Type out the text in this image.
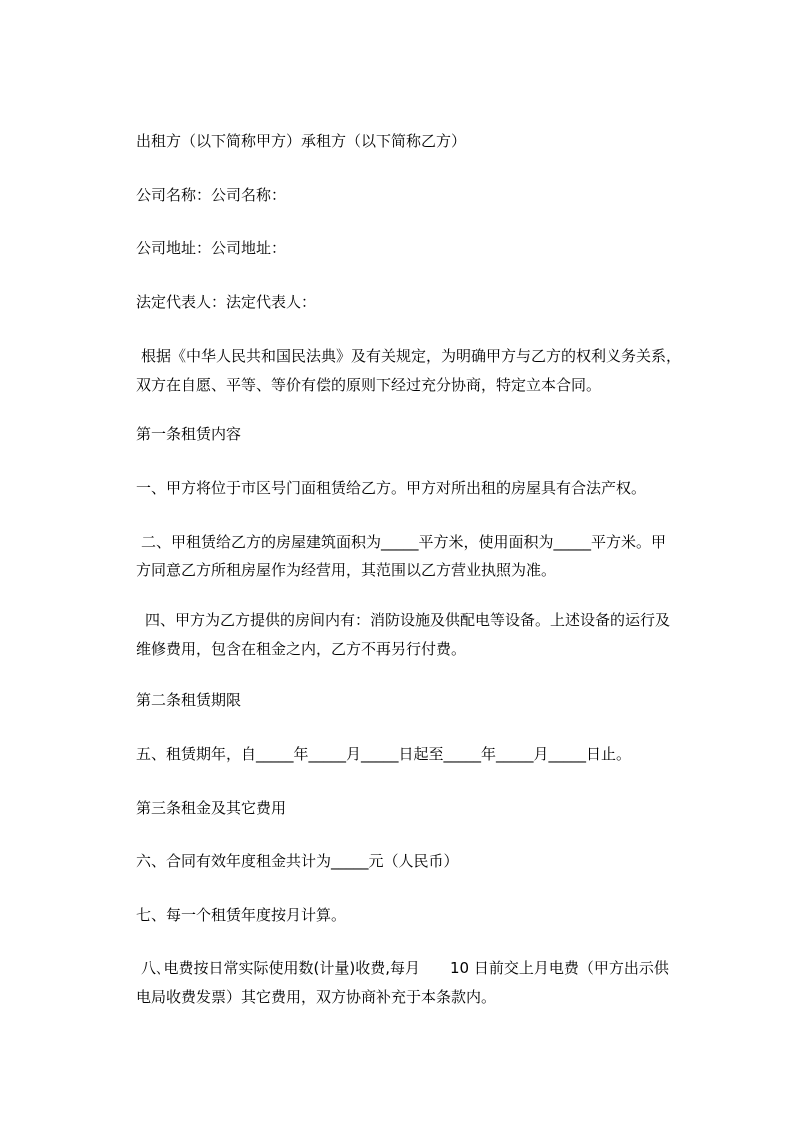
出租方（以下简称甲方）承租方（以下简称乙方）

公司名称：公司名称：

公司地址：公司地址：

法定代表人：法定代表人：

根据《中华人民共和国民法典》及有关规定，为明确甲方与乙方的权利义务关系，

双方在自愿、平等、等价有偿的原则下经过充分协商，特定立本合同。

第一条租赁内容

一、甲方将位于市区号门面租赁给乙方。甲方对所出租的房屋具有合法产权。

二、甲租赁给乙方的房屋建筑面积为_____平方米，使用面积为_____平方米。甲

方同意乙方所租房屋作为经营用，其范围以乙方营业执照为准。

四、甲方为乙方提供的房间内有：消防设施及供配电等设备。上述设备的运行及

维修费用，包含在租金之内，乙方不再另行付费。

第二条租赁期限

五、租赁期年，自_____年_____月_____日起至_____年_____月_____日止。

第三条租金及其它费用

六、合同有效年度租金共计为_____元（人民币）

七、每一个租赁年度按月计算。

八､电费按日常实际使用数(计量)收费,每月　　10 日前交上月电费（甲方出示供

电局收费发票）其它费用，双方协商补充于本条款内。
